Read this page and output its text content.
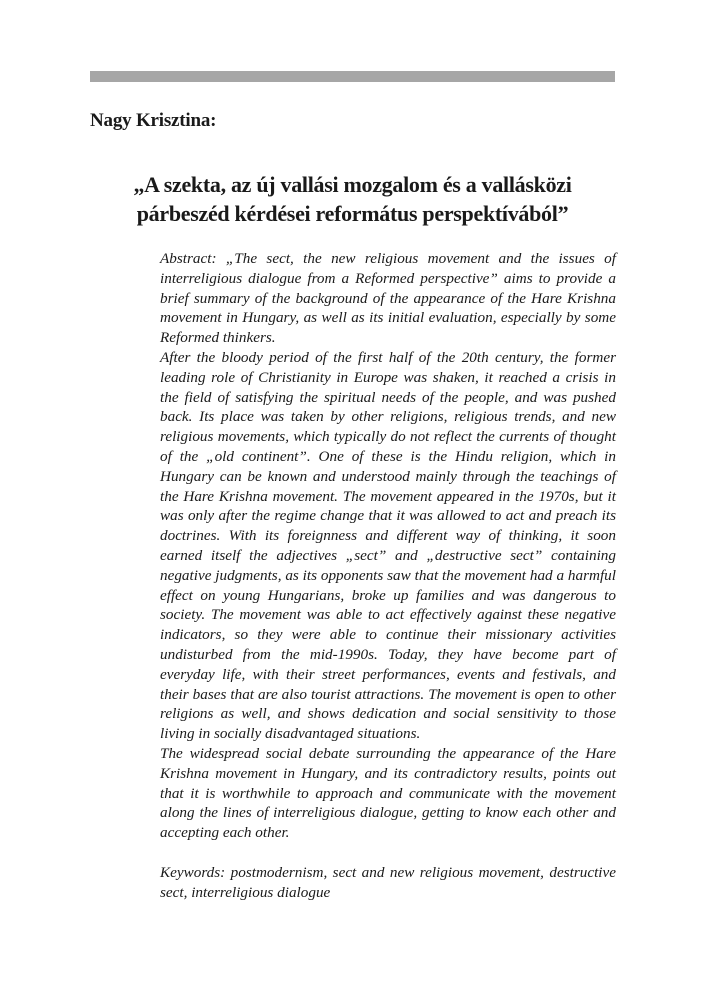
Nagy Krisztina:
„A szekta, az új vallási mozgalom és a vallásközi
párbeszéd kérdései református perspektívából”

Abstract: „The sect, the new religious movement and the issues of interreligious dialogue from a Reformed perspective” aims to provide a brief summary of the background of the appearance of the Hare Krishna movement in Hungary, as well as its initial evaluation, especially by some Reformed thinkers.

After the bloody period of the first half of the 20th century, the former leading role of Christianity in Europe was shaken, it reached a crisis in the field of satisfying the spiritual needs of the people, and was pushed back. Its place was taken by other religions, religious trends, and new religious movements, which typically do not reflect the currents of thought of the „old continent”. One of these is the Hindu religion, which in Hungary can be known and understood mainly through the teachings of the Hare Krishna movement. The movement appeared in the 1970s, but it was only after the regime change that it was allowed to act and preach its doctrines. With its foreignness and different way of thinking, it soon earned itself the adjectives „sect” and „destructive sect” containing negative judgments, as its opponents saw that the movement had a harmful effect on young Hungarians, broke up families and was dangerous to society. The movement was able to act effectively against these negative indicators, so they were able to continue their missionary activities undisturbed from the mid-1990s. Today, they have become part of everyday life, with their street performances, events and festivals, and their bases that are also tourist attractions. The movement is open to other religions as well, and shows dedication and social sensitivity to those living in socially disadvantaged situations.

The widespread social debate surrounding the appearance of the Hare Krishna movement in Hungary, and its contradictory results, points out that it is worthwhile to approach and communicate with the movement along the lines of interreligious dialogue, getting to know each other and accepting each other.

Keywords: postmodernism, sect and new religious movement, destructive sect, interreligious dialogue
